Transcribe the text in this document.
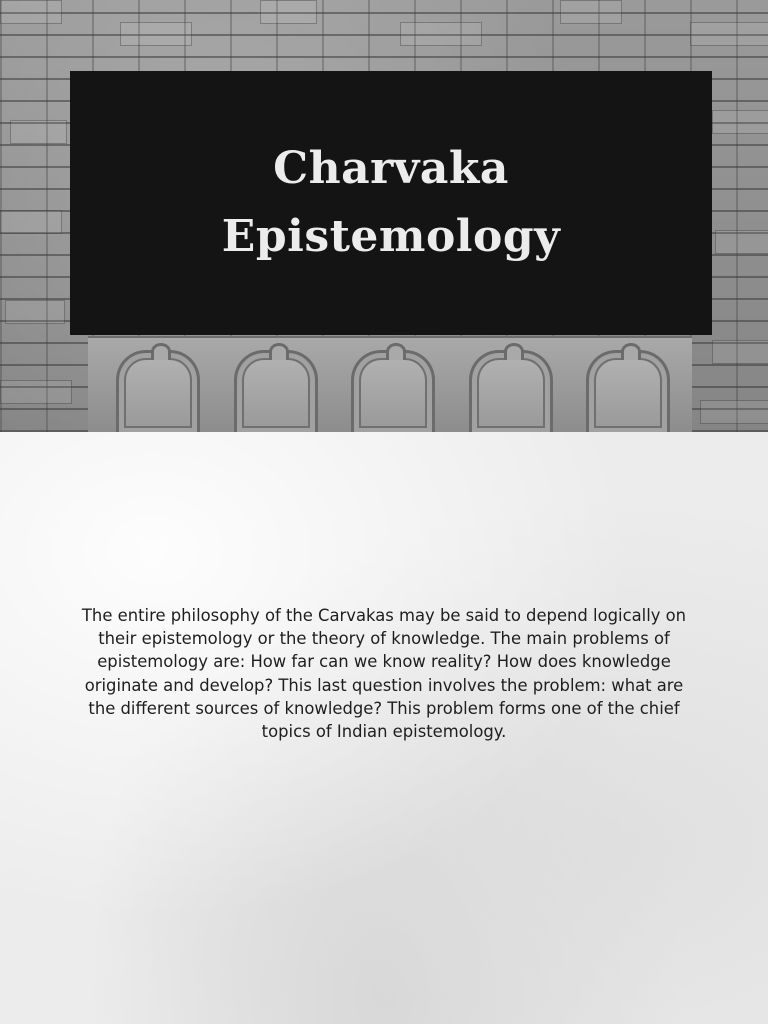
Charvaka
Epistemology

The entire philosophy of the Carvakas may be said to depend logically on their epistemology or the theory of knowledge. The main problems of epistemology are: How far can we know reality? How does knowledge originate and develop? This last question involves the problem: what are the different sources of knowledge? This problem forms one of the chief topics of Indian epistemology.
